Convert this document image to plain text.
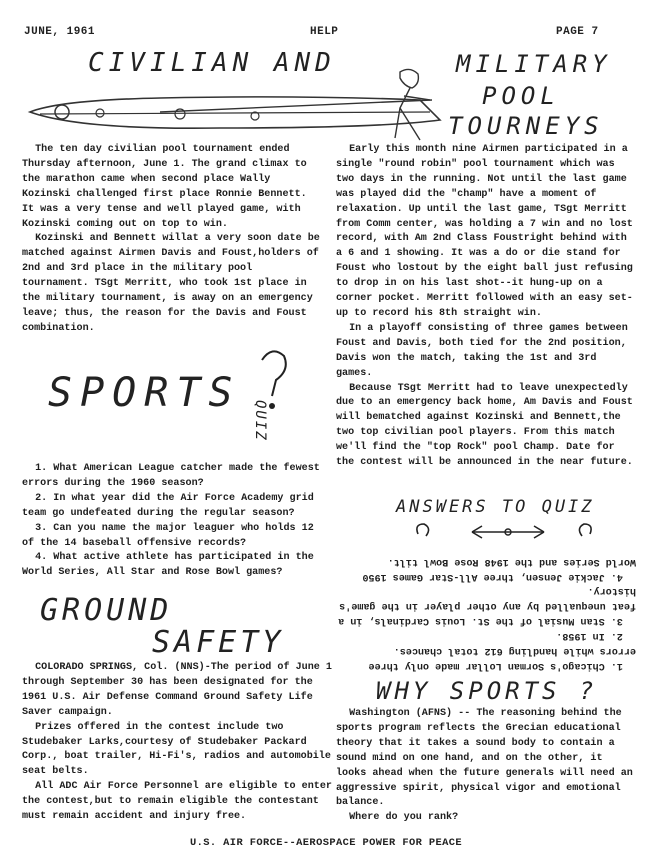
JUNE, 1961	HELP	PAGE 7
CIVILIAN AND	MILITARY
POOL
TOURNEYS

The ten day civilian pool tournament ended Thursday afternoon, June 1. The grand climax to the marathon came when second place Wally Kozinski challenged first place Ronnie Bennett. It was a very tense and well played game, with Kozinski coming out on top to win.

Kozinski and Bennett willat a very soon date be matched against Airmen Davis and Foust,holders of 2nd and 3rd place in the military pool tournament. TSgt Merritt, who took 1st place in the military tournament, is away on an emergency leave; thus, the reason for the Davis and Foust combination.

SPORTS
QUIZ

1. What American League catcher made the fewest errors during the 1960 season?

2. In what year did the Air Force Academy grid team go undefeated during the regular season?

3. Can you name the major leaguer who holds 12 of the 14 baseball offensive records?

4. What active athlete has participated in the World Series, All Star and Rose Bowl games?

GROUND
SAFETY

COLORADO SPRINGS, Col. (NNS)-The period of June 1 through September 30 has been designated for the 1961 U.S. Air Defense Command Ground Safety Life Saver campaign.

Prizes offered in the contest include two Studebaker Larks,courtesy of Studebaker Packard Corp., boat trailer, Hi-Fi's, radios and automobile seat belts.

All ADC Air Force Personnel are eligible to enter the contest,but to remain eligible the contestant must remain accident and injury free.

Early this month nine Airmen participated in a single "round robin" pool tournament which was two days in the running. Not until the last game was played did the "champ" have a moment of relaxation. Up until the last game, TSgt Merritt from Comm center, was holding a 7 win and no lost record, with Am 2nd Class Foustright behind with a 6 and 1 showing. It was a do or die stand for Foust who lostout by the eight ball just refusing to drop in on his last shot--it hung-up on a corner pocket. Merritt followed with an easy set-up to record his 8th straight win.

In a playoff consisting of three games between Foust and Davis, both tied for the 2nd position, Davis won the match, taking the 1st and 3rd games.

Because TSgt Merritt had to leave unexpectedly due to an emergency back home, Am Davis and Foust will bematched against Kozinski and Bennett,the two top civilian pool players. From this match we'll find the "top Rock" pool Champ. Date for the contest will be announced in the near future.

ANSWERS TO QUIZ

1. Chicago's Sorman Lollar made only three errors while handling 612 total chances.

2. In 1958.

3. Stan Musial of the St. Louis Cardinals, in a feat unequalled by any other player in the game's history.

4. Jackie Jensen, three All-Star Games 1950 World Series and the 1948 Rose Bowl tilt.

WHY SPORTS ?

Washington (AFNS) -- The reasoning behind the sports program reflects the Grecian educational theory that it takes a sound body to contain a sound mind on one hand, and on the other, it looks ahead when the future generals will need an aggressive spirit, physical vigor and emotional balance.

Where do you rank?

U.S. AIR FORCE--AEROSPACE POWER FOR PEACE
